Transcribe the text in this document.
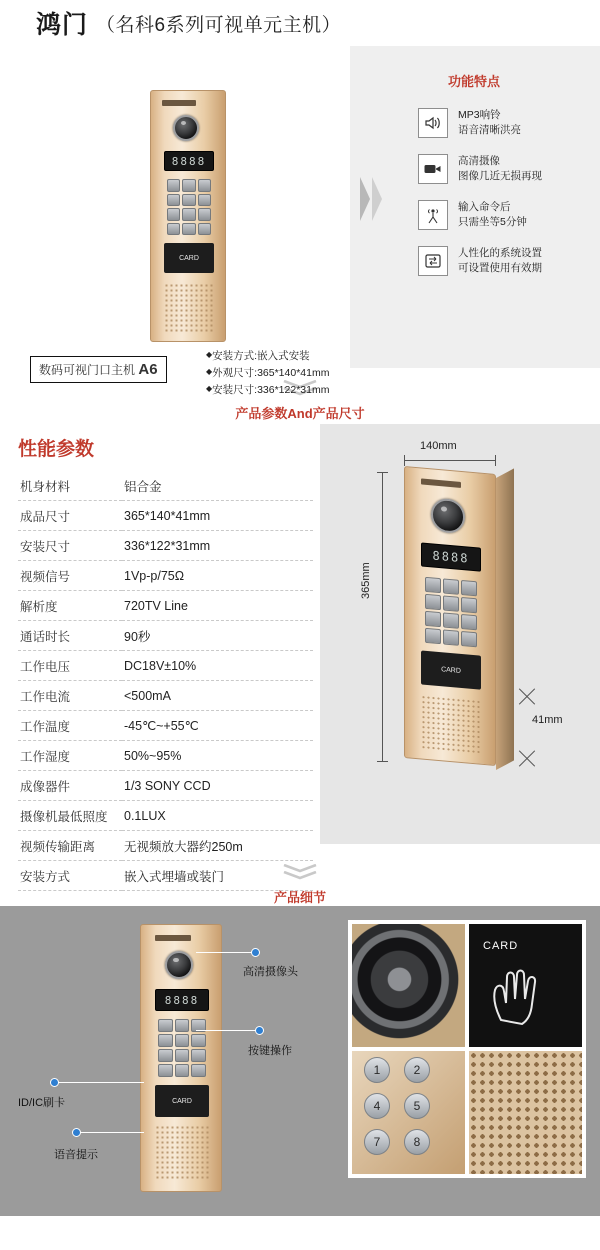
鸿门 （名科6系列可视单元主机）
8888
CARD
数码可视门口主机 A6
◆ 安装方式:嵌入式安装
◆ 外观尺寸:365*140*41mm
◆ 安装尺寸:336*122*31mm
功能特点
MP3响铃
语音清晰洪亮
高清摄像
图像几近无损再现
输入命令后
只需坐等5分钟
人性化的系统设置
可设置使用有效期
产品参数And产品尺寸
性能参数
机身材料	铝合金
成品尺寸	365*140*41mm
安装尺寸	336*122*31mm
视频信号	1Vp-p/75Ω
解析度	720TV Line
通话时长	90秒
工作电压	DC18V±10%
工作电流	<500mA
工作温度	-45℃~+55℃
工作湿度	50%~95%
成像器件	1/3 SONY CCD
摄像机最低照度	0.1LUX
视频传输距离	无视频放大器约250m
安装方式	嵌入式埋墙或装门
140mm
365mm
41mm
8888
CARD
产品细节
8888
CARD
高清摄像头
按键操作
ID/IC刷卡
语音提示
CARD
1	2
4	5
7	8
